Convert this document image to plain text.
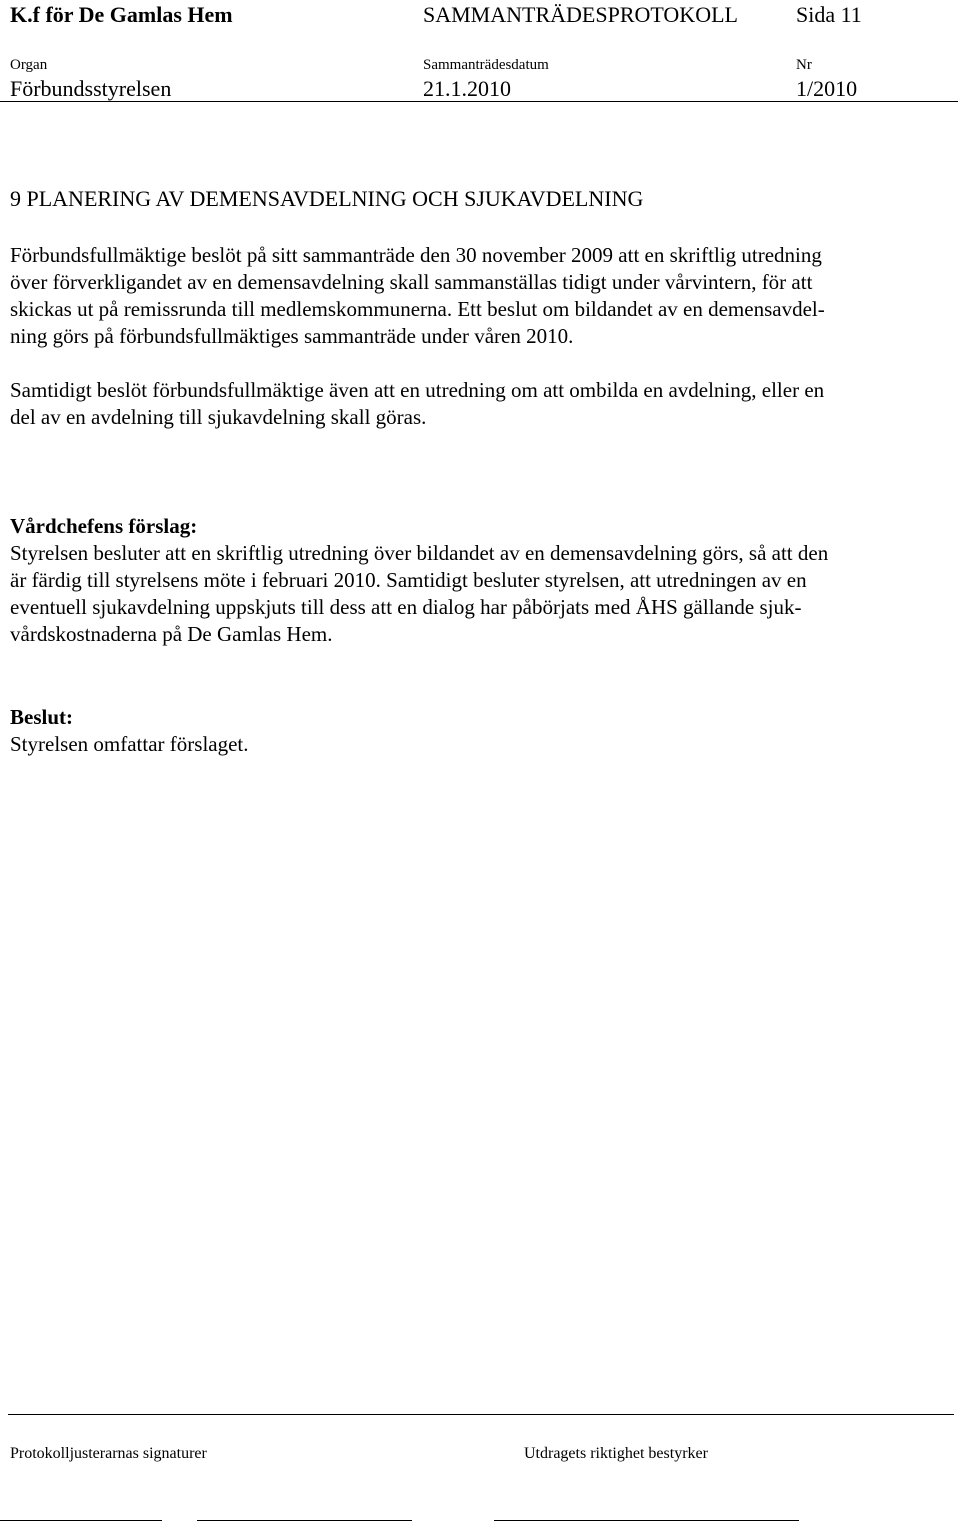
K.f för De Gamlas Hem	SAMMANTRÄDESPROTOKOLL	Sida 11
Organ	Sammanträdesdatum	Nr
Förbundsstyrelsen	21.1.2010	1/2010
9 PLANERING AV DEMENSAVDELNING OCH SJUKAVDELNING
Förbundsfullmäktige beslöt på sitt sammanträde den 30 november 2009 att en skriftlig utredning
över förverkligandet av en demensavdelning skall sammanställas tidigt under vårvintern, för att
skickas ut på remissrunda till medlemskommunerna. Ett beslut om bildandet av en demensavdel-
ning görs på förbundsfullmäktiges sammanträde under våren 2010.
Samtidigt beslöt förbundsfullmäktige även att en utredning om att ombilda en avdelning, eller en
del av en avdelning till sjukavdelning skall göras.
Vårdchefens förslag:
Styrelsen besluter att en skriftlig utredning över bildandet av en demensavdelning görs, så att den
är färdig till styrelsens möte i februari 2010. Samtidigt besluter styrelsen, att utredningen av en
eventuell sjukavdelning uppskjuts till dess att en dialog har påbörjats med ÅHS gällande sjuk-
vårdskostnaderna på De Gamlas Hem.
Beslut:
Styrelsen omfattar förslaget.
Protokolljusterarnas signaturer	Utdragets riktighet bestyrker
